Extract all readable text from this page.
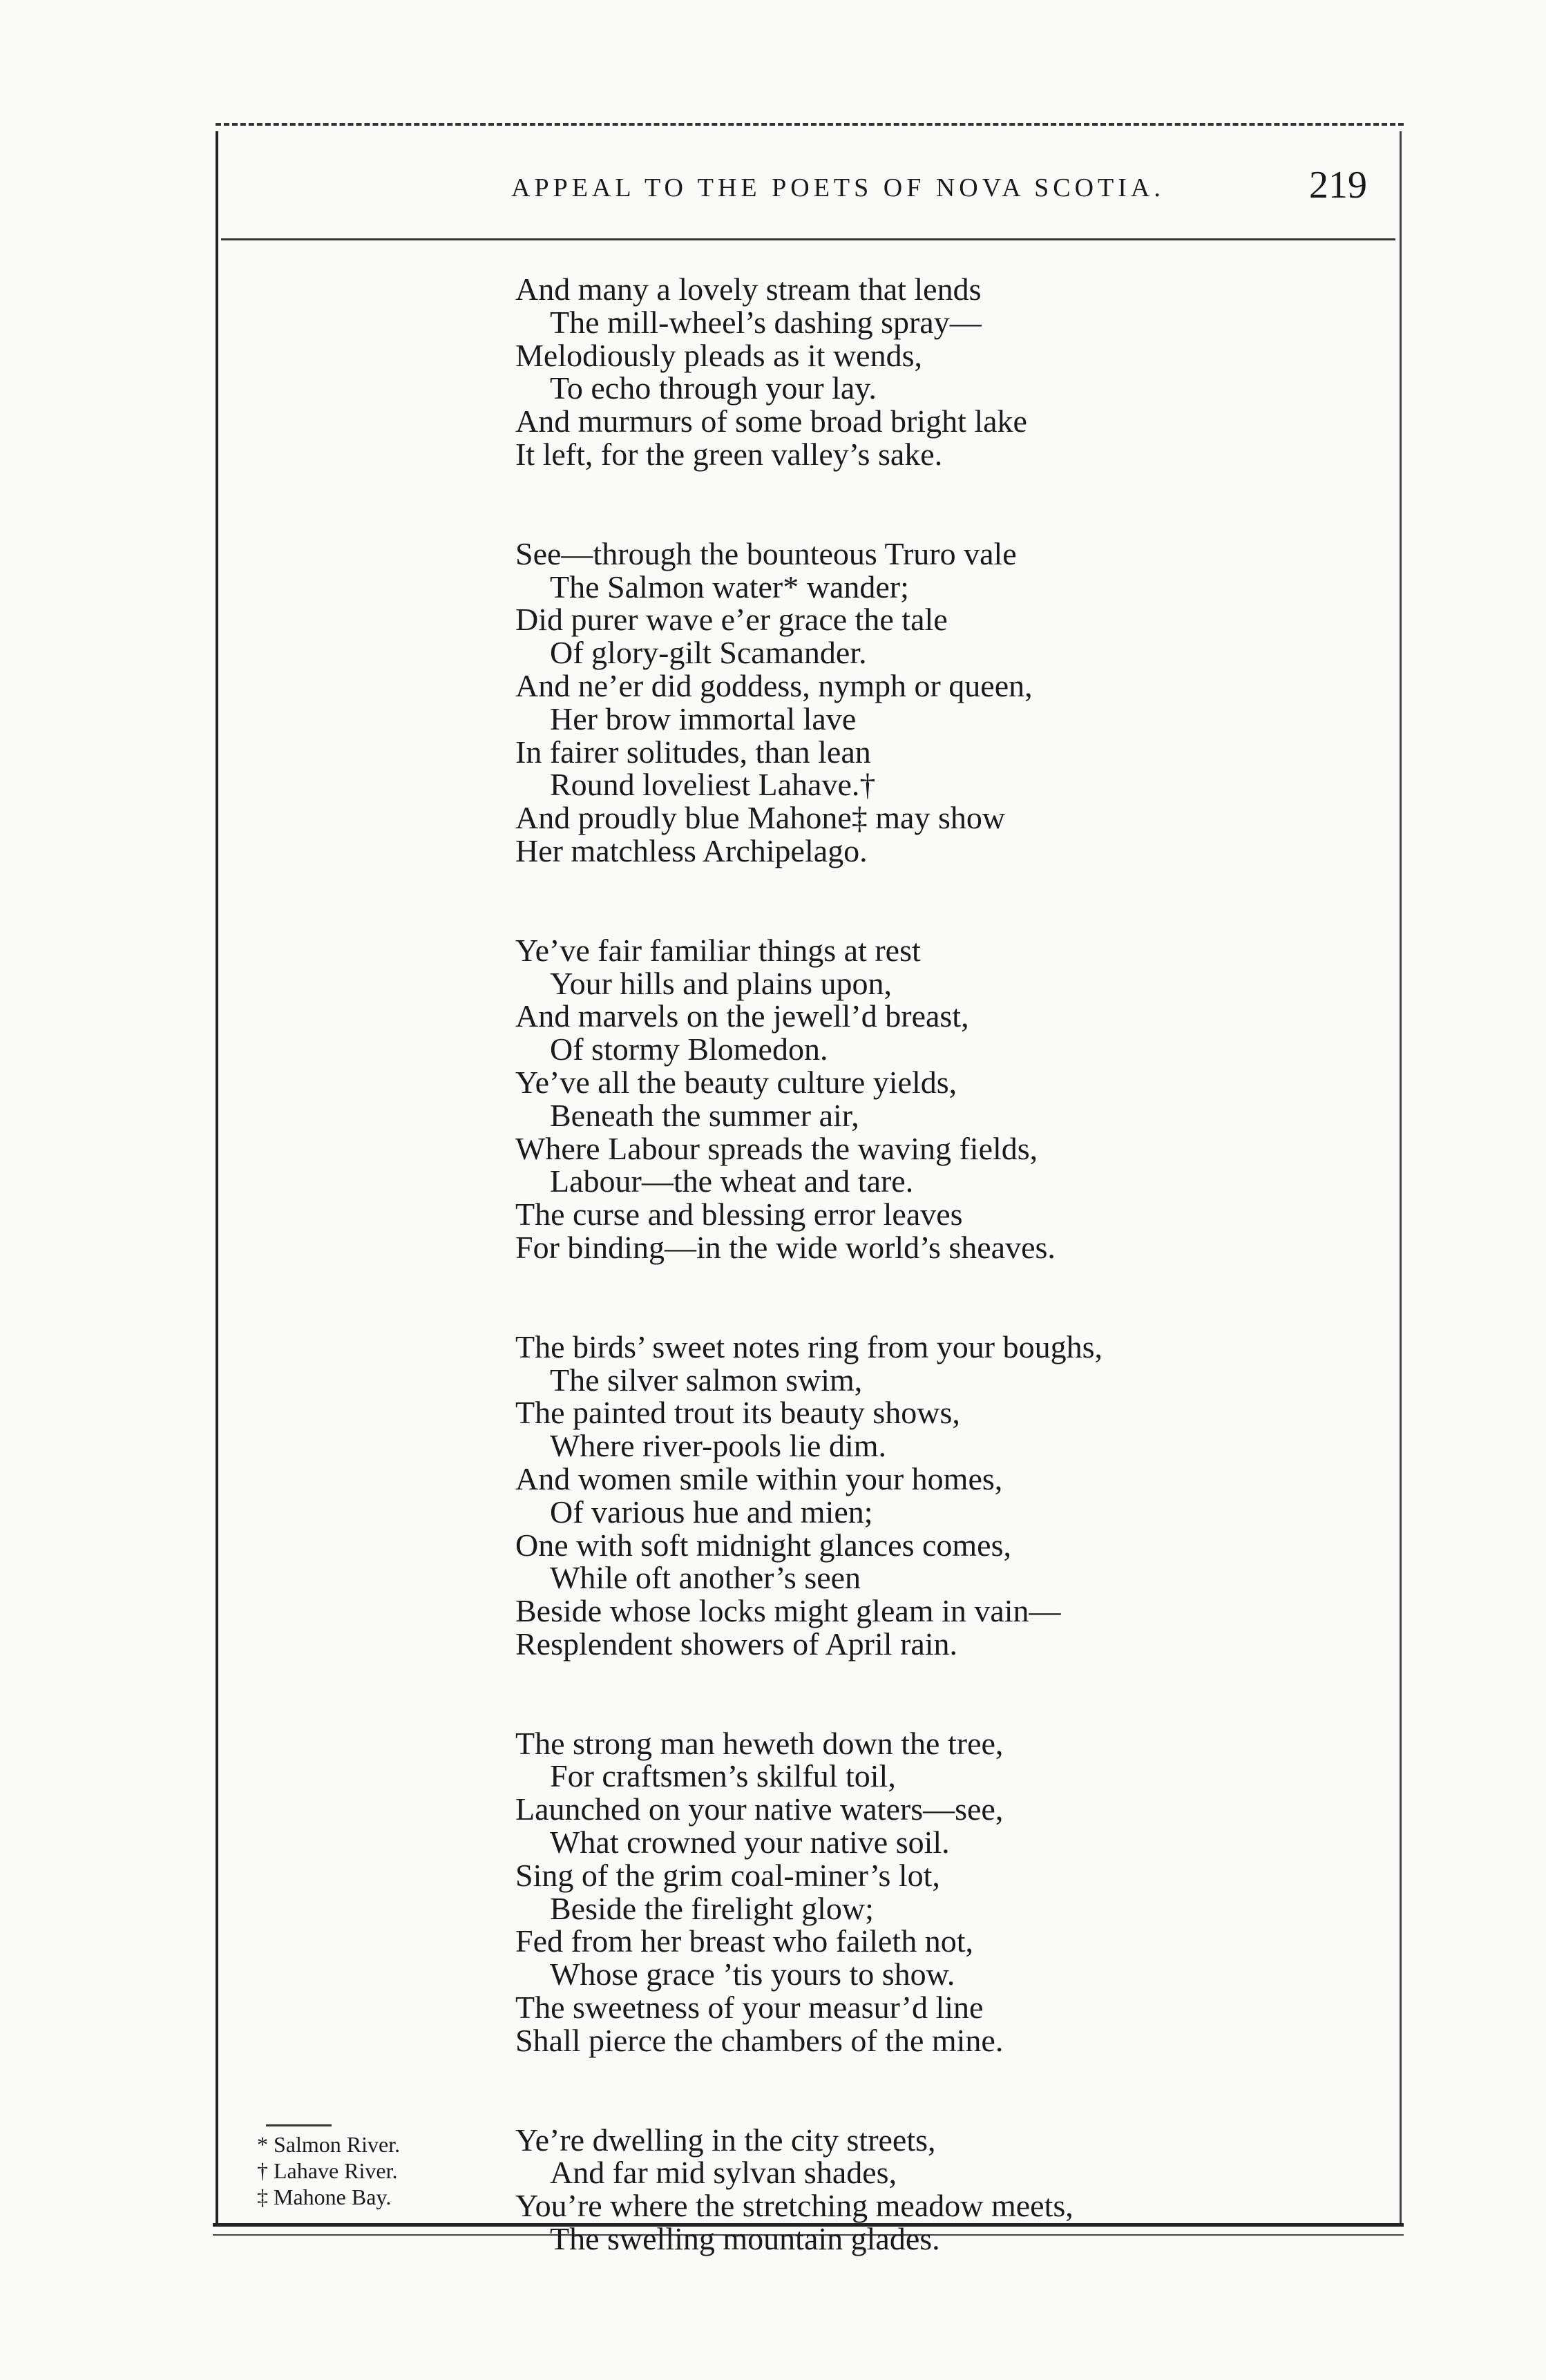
APPEAL TO THE POETS OF NOVA SCOTIA.	219
And many a lovely stream that lends
The mill-wheel’s dashing spray—
Melodiously pleads as it wends,
To echo through your lay.
And murmurs of some broad bright lake
It left, for the green valley’s sake.
See—through the bounteous Truro vale
The Salmon water* wander;
Did purer wave e’er grace the tale
Of glory-gilt Scamander.
And ne’er did goddess, nymph or queen,
Her brow immortal lave
In fairer solitudes, than lean
Round loveliest Lahave.†
And proudly blue Mahone‡ may show
Her matchless Archipelago.
Ye’ve fair familiar things at rest
Your hills and plains upon,
And marvels on the jewell’d breast,
Of stormy Blomedon.
Ye’ve all the beauty culture yields,
Beneath the summer air,
Where Labour spreads the waving fields,
Labour—the wheat and tare.
The curse and blessing error leaves
For binding—in the wide world’s sheaves.
The birds’ sweet notes ring from your boughs,
The silver salmon swim,
The painted trout its beauty shows,
Where river-pools lie dim.
And women smile within your homes,
Of various hue and mien;
One with soft midnight glances comes,
While oft another’s seen
Beside whose locks might gleam in vain—
Resplendent showers of April rain.
The strong man heweth down the tree,
For craftsmen’s skilful toil,
Launched on your native waters—see,
What crowned your native soil.
Sing of the grim coal-miner’s lot,
Beside the firelight glow;
Fed from her breast who faileth not,
Whose grace ’tis yours to show.
The sweetness of your measur’d line
Shall pierce the chambers of the mine.
Ye’re dwelling in the city streets,
And far mid sylvan shades,
You’re where the stretching meadow meets,
The swelling mountain glades.
* Salmon River.
† Lahave River.
‡ Mahone Bay.
